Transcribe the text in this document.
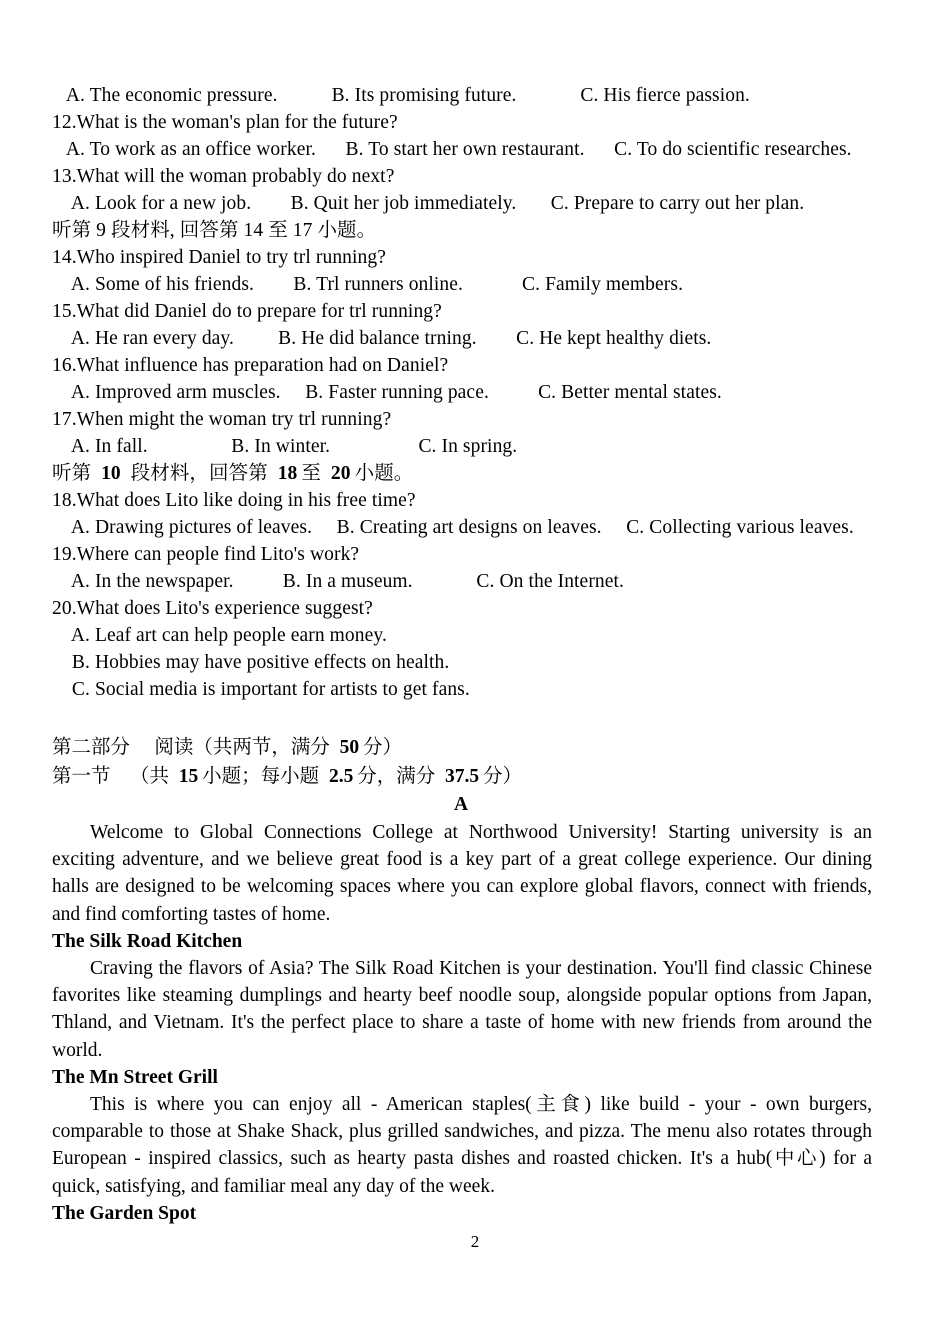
A. The economic pressure.    B. Its promising future.     C. His fierce passion.
12.What is the woman's plan for the future?
A. To work as an office worker.   B. To start her own restaurant.   C. To do scientific researches.
13.What will the woman probably do next?
A. Look for a new job.    B. Quit her job immediately.   C. Prepare to carry out her plan.
听第 9 段材料, 回答第 14 至 17 小题。
14.Who inspired Daniel to try trl running?
A. Some of his friends.    B. Trl runners online.     C. Family members.
15.What did Daniel do to prepare for trl running?
A. He ran every day.   B. He did balance trning.    C. He kept healthy diets.
16.What influence has preparation had on Daniel?
A. Improved arm muscles.  B. Faster running pace.    C. Better mental states.
17.When might the woman try trl running?
A. In fall.       B. In winter.      C. In spring.
听第  10  段材料，回答第  18  至  20  小题。
18.What does Lito like doing in his free time?
A. Drawing pictures of leaves.  B. Creating art designs on leaves.  C. Collecting various leaves.
19.Where can people find Lito's work?
A. In the newspaper.    B. In a museum.    C. On the Internet.
20.What does Lito's experience suggest?
A. Leaf art can help people earn money.
B. Hobbies may have positive effects on health.
C. Social media is important for artists to get fans.
第二部分  阅读（共两节，满分  50  分）
第一节 （共  15  小题；每小题  2.5  分，满分  37.5  分）
A

Welcome to Global Connections College at Northwood University! Starting university is an exciting adventure, and we believe great food is a key part of a great college experience. Our dining halls are designed to be welcoming spaces where you can explore global flavors, connect with friends, and find comforting tastes of home.

The Silk Road Kitchen

Craving the flavors of Asia? The Silk Road Kitchen is your destination. You'll find classic Chinese favorites like steaming dumplings and hearty beef noodle soup, alongside popular options from Japan, Thland, and Vietnam. It's the perfect place to share a taste of home with new friends from around the world.

The Mn Street Grill

This is where you can enjoy all - American staples(主食) like build - your - own burgers, comparable to those at Shake Shack, plus grilled sandwiches, and pizza. The menu also rotates through European - inspired classics, such as hearty pasta dishes and roasted chicken. It's a hub(中心) for a quick, satisfying, and familiar meal any day of the week.

The Garden Spot

2
